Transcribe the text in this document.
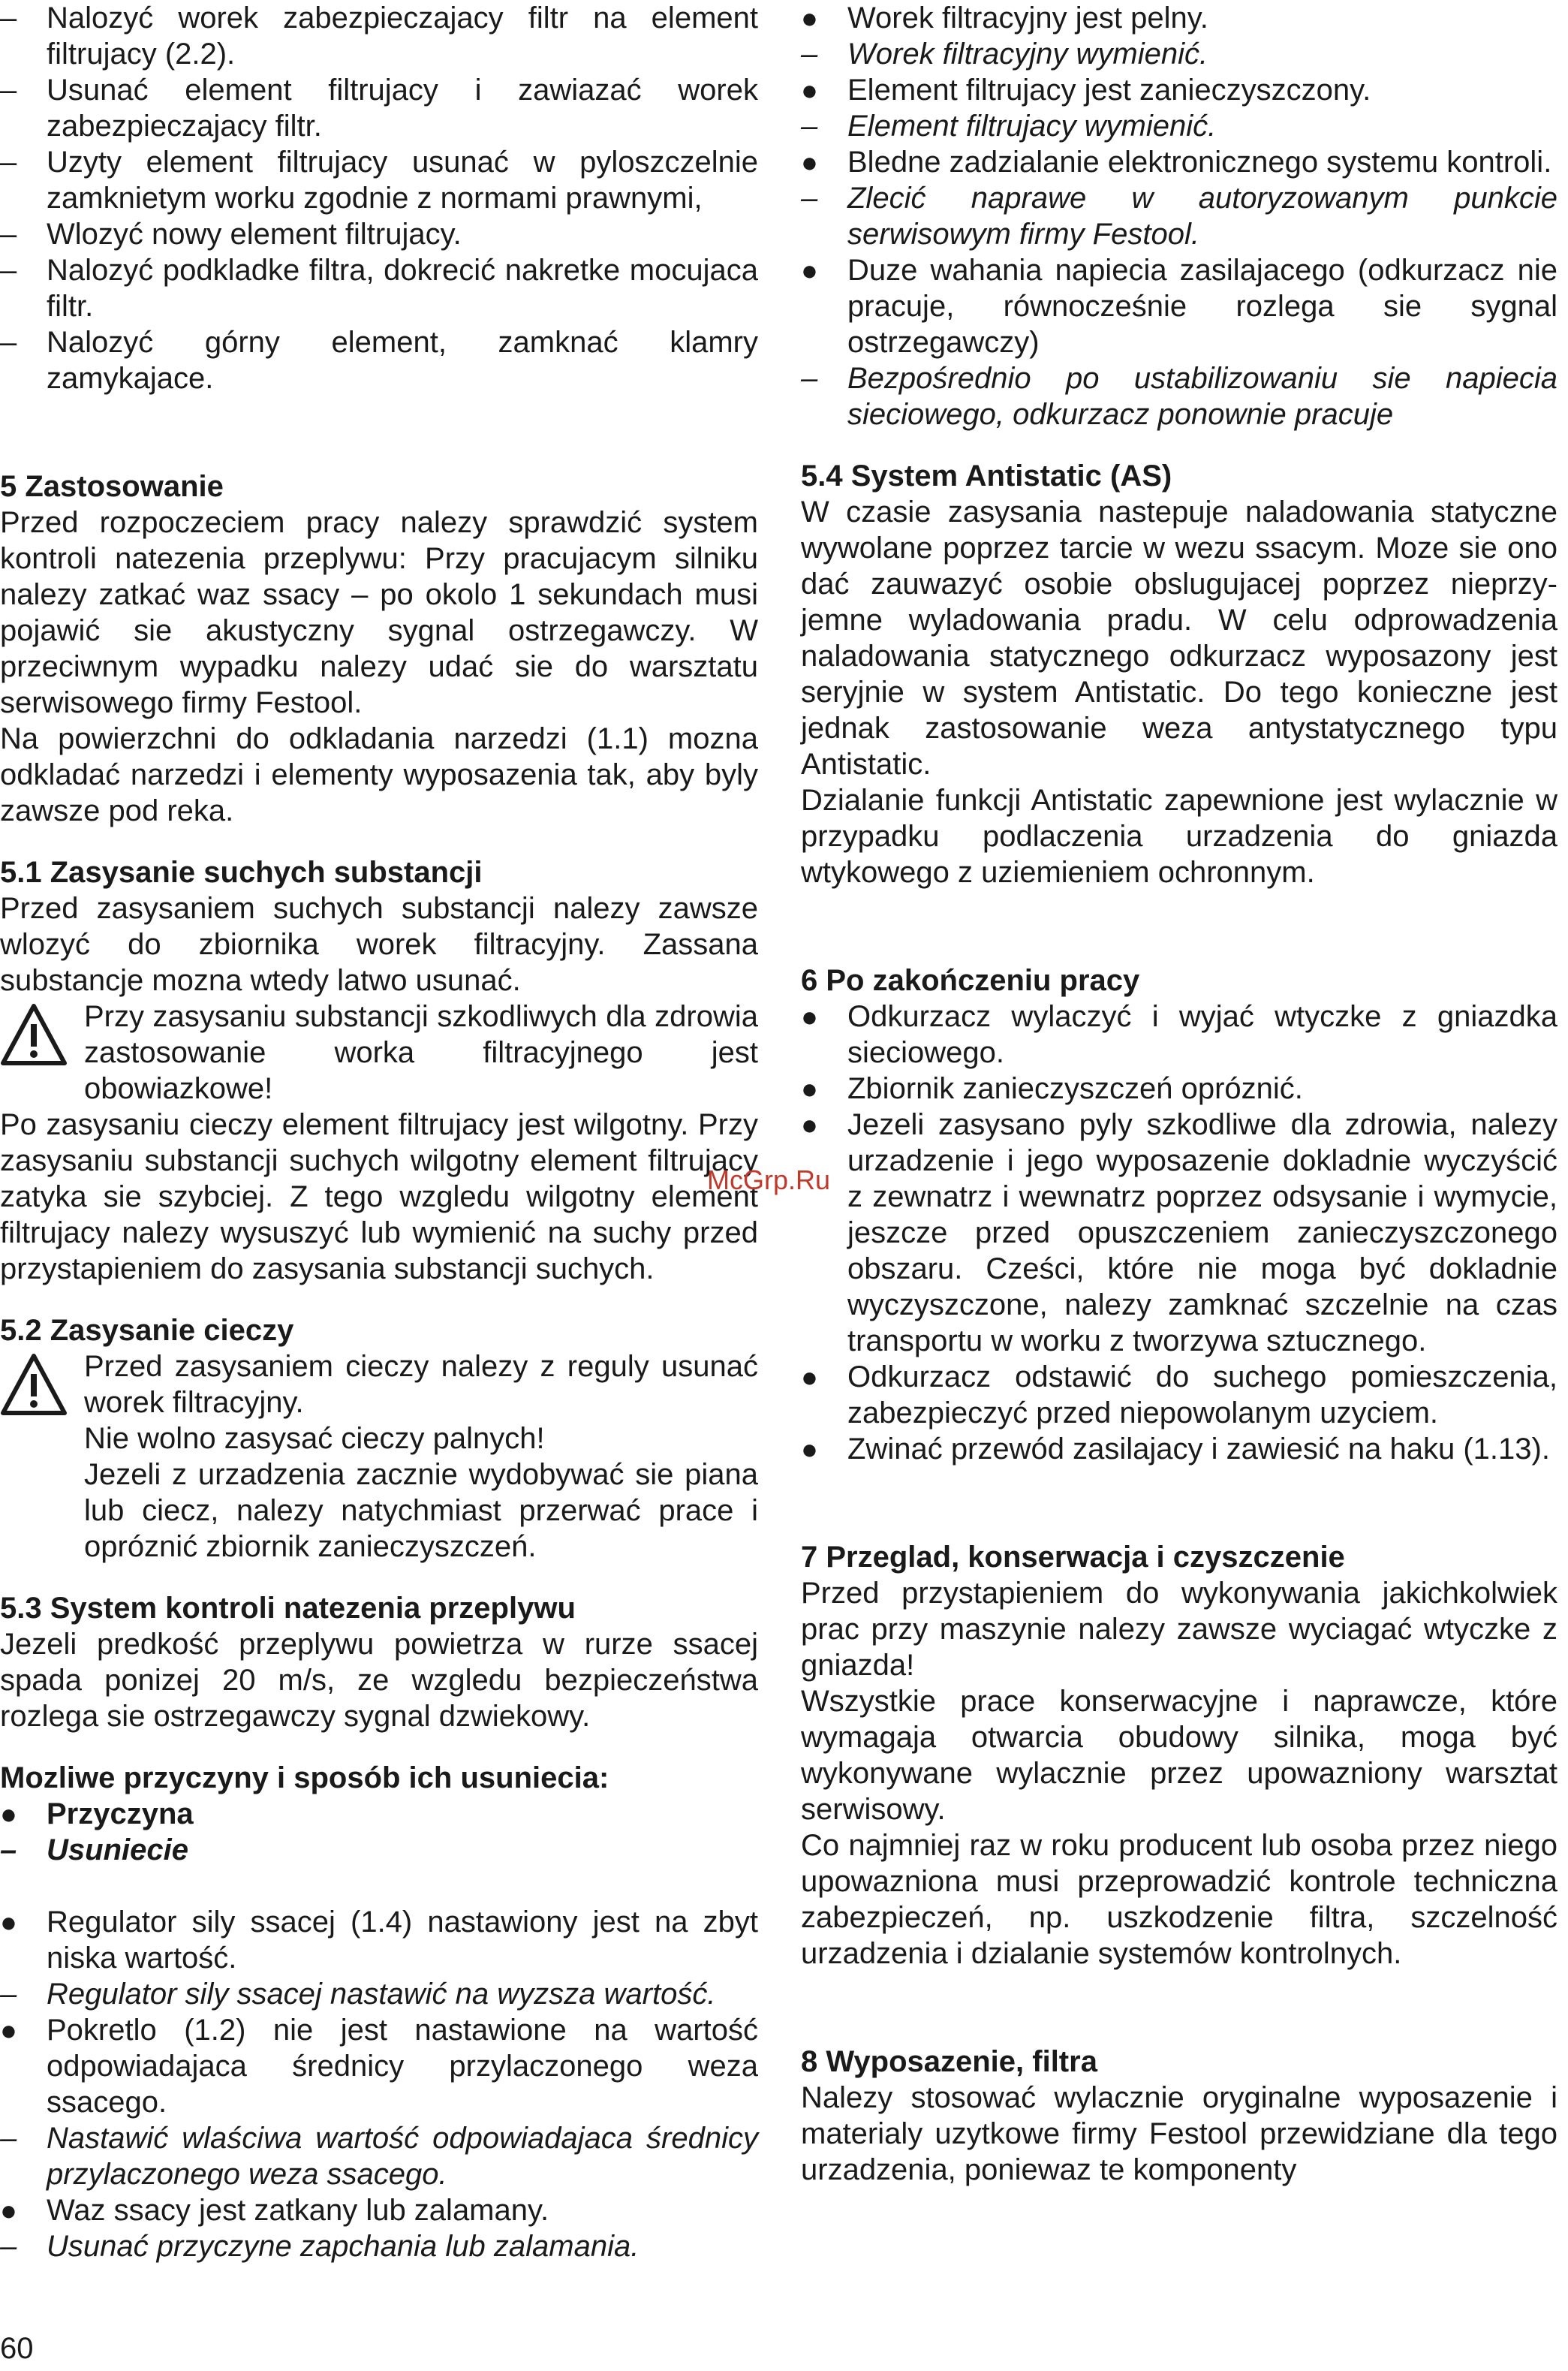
–
Nalozyć worek zabezpieczajacy filtr na element filtrujacy (2.2).
–
Usunać element filtrujacy i zawiazać worek zabezpieczajacy filtr.
–
Uzyty element filtrujacy usunać w pyloszczelnie zamknietym worku zgodnie z normami prawnymi,
–
Wlozyć nowy element filtrujacy.
–
Nalozyć podkladke filtra, dokrecić nakretke mocujaca filtr.
–
Nalozyć górny element, zamknać klamry zamykajace.
5 Zastosowanie

Przed rozpoczeciem pracy nalezy sprawdzić system kontroli natezenia przeplywu: Przy pracujacym silniku nalezy zatkać waz ssacy – po okolo 1 sekundach musi pojawić sie akustyczny sygnal ostrzegawczy. W przeciwnym wypadku nalezy udać sie do warsztatu serwisowego firmy Festool.

Na powierzchni do odkladania narzedzi (1.1) mozna odkladać narzedzi i elementy wyposazenia tak, aby byly zawsze pod reka.

5.1 Zasysanie suchych substancji

Przed zasysaniem suchych substancji nalezy zawsze wlozyć do zbiornika worek filtracyjny. Zassana substancje mozna wtedy latwo usunać.

Przy zasysaniu substancji szkodliwych dla zdrowia zastosowanie worka filtracyjnego jest obowiazkowe!

Po zasysaniu cieczy element filtrujacy jest wilgotny. Przy zasysaniu substancji suchych wilgotny element filtrujacy zatyka sie szybciej. Z tego wzgledu wilgotny element filtrujacy nalezy wysuszyć lub wymienić na suchy przed przystapieniem do zasysania substancji suchych.

5.2 Zasysanie cieczy
Przed zasysaniem cieczy nalezy z reguly usunać worek filtracyjny.
Nie wolno zasysać cieczy palnych!
Jezeli z urzadzenia zacznie wydobywać sie piana lub ciecz, nalezy natychmiast przerwać prace i opróznić zbiornik zanieczyszczeń.
5.3 System kontroli natezenia przeplywu

Jezeli predkość przeplywu powietrza w rurze ssacej spada ponizej 20 m/s, ze wzgledu bezpieczeństwa rozlega sie ostrzegawczy sygnal dzwiekowy.

Mozliwe przyczyny i sposób ich usuniecia:
●
Przyczyna
–
Usuniecie
●
Regulator sily ssacej (1.4) nastawiony jest na zbyt niska wartość.
–
Regulator sily ssacej nastawić na wyzsza wartość.
●
Pokretlo (1.2) nie jest nastawione na wartość odpowiadajaca średnicy przylaczonego weza ssacego.
–
Nastawić wlaściwa wartość odpowiadajaca średnicy przylaczonego weza ssacego.
●
Waz ssacy jest zatkany lub zalamany.
–
Usunać przyczyne zapchania lub zalamania.
●
Worek filtracyjny jest pelny.
–
Worek filtracyjny wymienić.
●
Element filtrujacy jest zanieczyszczony.
–
Element filtrujacy wymienić.
●
Bledne zadzialanie elektronicznego systemu kontroli.
–
Zlecić naprawe w autoryzowanym punkcie serwisowym firmy Festool.
●
Duze wahania napiecia zasilajacego (odkurzacz nie pracuje, równocześnie rozlega sie sygnal ostrzegawczy)
–
Bezpośrednio po ustabilizowaniu sie napiecia sieciowego, odkurzacz ponownie pracuje
5.4 System Antistatic (AS)

W czasie zasysania nastepuje naladowania statyczne wywolane poprzez tarcie w wezu ssacym. Moze sie ono dać zauwazyć osobie obslugujacej poprzez nieprzy-jemne wyladowania pradu. W celu odprowadzenia naladowania statycznego odkurzacz wyposazony jest seryjnie w system Antistatic. Do tego konieczne jest jednak zastosowanie weza antystatycznego typu Antistatic.

Dzialanie funkcji Antistatic zapewnione jest wylacznie w przypadku podlaczenia urzadzenia do gniazda wtykowego z uziemieniem ochronnym.

6 Po zakończeniu pracy
●
Odkurzacz wylaczyć i wyjać wtyczke z gniazdka sieciowego.
●
Zbiornik zanieczyszczeń opróznić.
●
Jezeli zasysano pyly szkodliwe dla zdrowia, nalezy urzadzenie i jego wyposazenie dokladnie wyczyścić z zewnatrz i wewnatrz poprzez odsysanie i wymycie, jeszcze przed opuszczeniem zanieczyszczonego obszaru. Cześci, które nie moga być dokladnie wyczyszczone, nalezy zamknać szczelnie na czas transportu w worku z tworzywa sztucznego.
●
Odkurzacz odstawić do suchego pomieszczenia, zabezpieczyć przed niepowolanym uzyciem.
●
Zwinać przewód zasilajacy i zawiesić na haku (1.13).
7 Przeglad, konserwacja i czyszczenie

Przed przystapieniem do wykonywania jakichkolwiek prac przy maszynie nalezy zawsze wyciagać wtyczke z gniazda!

Wszystkie prace konserwacyjne i naprawcze, które wymagaja otwarcia obudowy silnika, moga być wykonywane wylacznie przez upowazniony warsztat serwisowy.

Co najmniej raz w roku producent lub osoba przez niego upowazniona musi przeprowadzić kontrole techniczna zabezpieczeń, np. uszkodzenie filtra, szczelność urzadzenia i dzialanie systemów kontrolnych.

8 Wyposazenie, filtra

Nalezy stosować wylacznie oryginalne wyposazenie i materialy uzytkowe firmy Festool przewidziane dla tego urzadzenia, poniewaz te komponenty

McGrp.Ru
60
